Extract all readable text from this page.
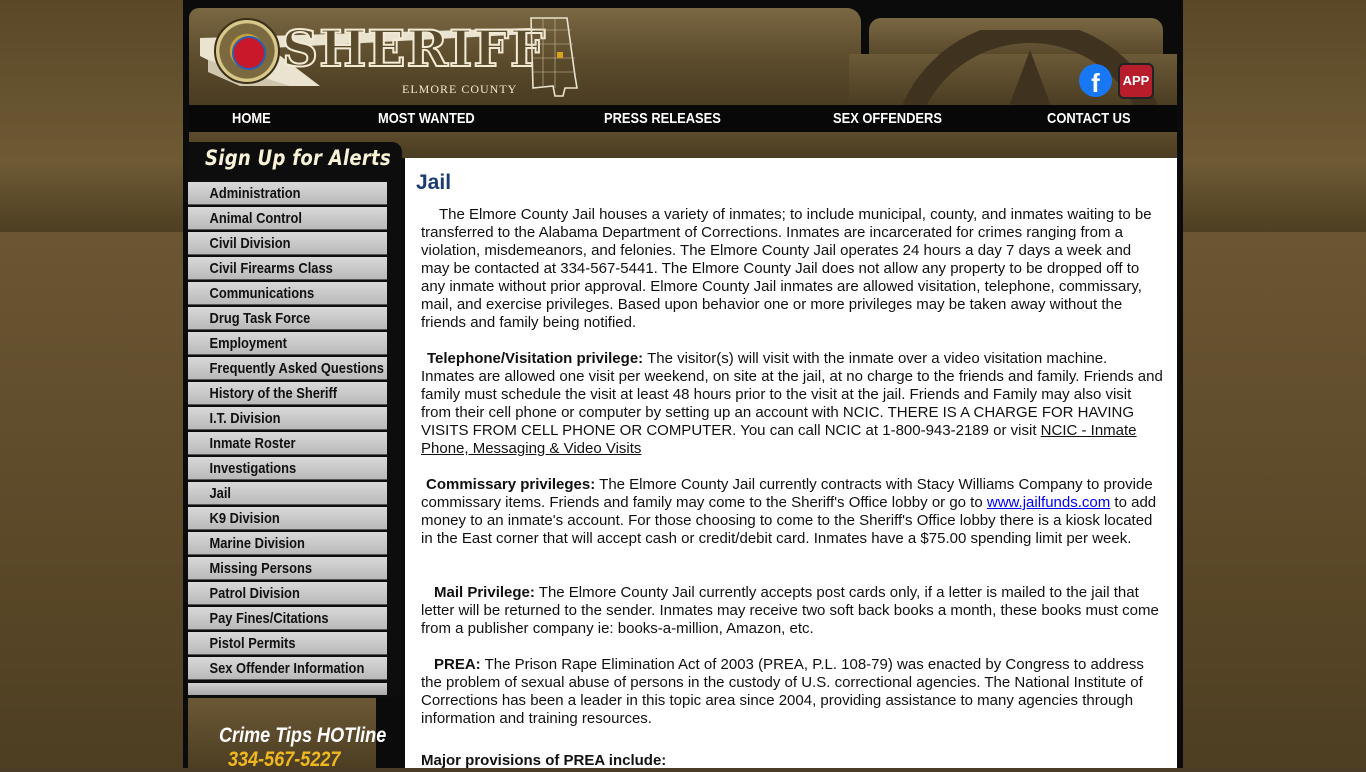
SHERIFF
ELMORE COUNTY	f	APP
HOME	MOST WANTED	PRESS RELEASES	SEX OFFENDERS	CONTACT US
Sign Up for Alerts
Administration
Animal Control
Civil Division
Civil Firearms Class
Communications
Drug Task Force
Employment
Frequently Asked Questions
History of the Sheriff
I.T. Division
Inmate Roster
Investigations
Jail
K9 Division
Marine Division
Missing Persons
Patrol Division
Pay Fines/Citations
Pistol Permits
Sex Offender Information
Crime Tips HOTline
334-567-5227
Jail

The Elmore County Jail houses a variety of inmates; to include municipal, county, and inmates waiting to be transferred to the Alabama Department of Corrections. Inmates are incarcerated for crimes ranging from a violation, misdemeanors, and felonies. The Elmore County Jail operates 24 hours a day 7 days a week and may be contacted at 334-567-5441. The Elmore County Jail does not allow any property to be dropped off to any inmate without prior approval. Elmore County Jail inmates are allowed visitation, telephone, commissary, mail, and exercise privileges. Based upon behavior one or more privileges may be taken away without the friends and family being notified.

Telephone/Visitation privilege: The visitor(s) will visit with the inmate over a video visitation machine. Inmates are allowed one visit per weekend, on site at the jail, at no charge to the friends and family. Friends and family must schedule the visit at least 48 hours prior to the visit at the jail. Friends and Family may also visit from their cell phone or computer by setting up an account with NCIC. THERE IS A CHARGE FOR HAVING VISITS FROM CELL PHONE OR COMPUTER. You can call NCIC at 1-800-943-2189 or visit NCIC - Inmate Phone, Messaging & Video Visits

Commissary privileges: The Elmore County Jail currently contracts with Stacy Williams Company to provide commissary items. Friends and family may come to the Sheriff's Office lobby or go to www.jailfunds.com to add money to an inmate's account. For those choosing to come to the Sheriff's Office lobby there is a kiosk located in the East corner that will accept cash or credit/debit card. Inmates have a $75.00 spending limit per week.

Mail Privilege: The Elmore County Jail currently accepts post cards only, if a letter is mailed to the jail that letter will be returned to the sender. Inmates may receive two soft back books a month, these books must come from a publisher company ie: books-a-million, Amazon, etc.

PREA: The Prison Rape Elimination Act of 2003 (PREA, P.L. 108-79) was enacted by Congress to address the problem of sexual abuse of persons in the custody of U.S. correctional agencies. The National Institute of Corrections has been a leader in this topic area since 2004, providing assistance to many agencies through information and training resources.

Major provisions of PREA include:
